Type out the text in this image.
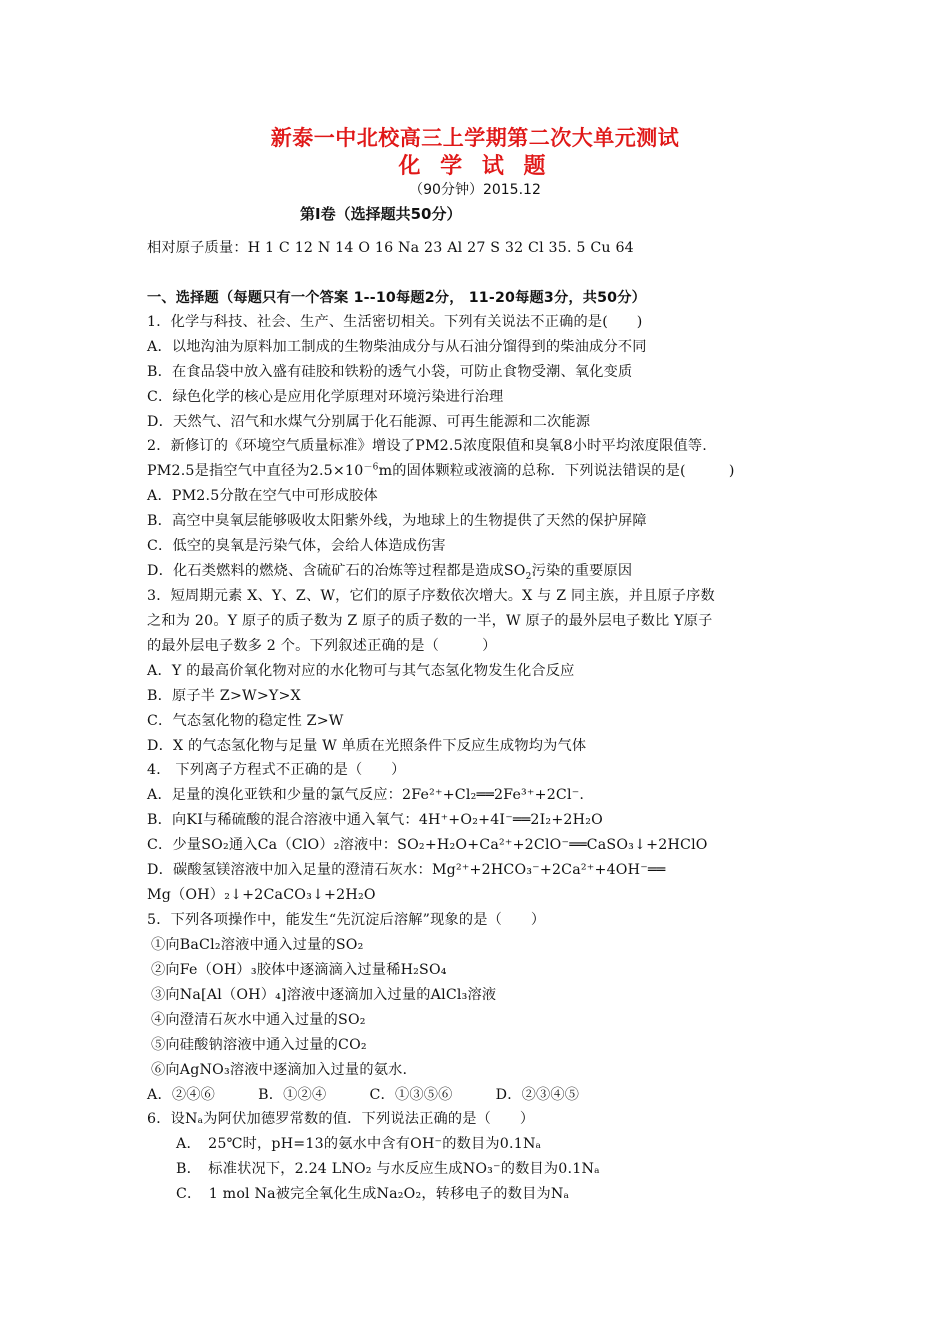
新泰一中北校高三上学期第二次大单元测试
化 学 试 题
（90分钟）2015.12
第Ⅰ卷（选择题共50分）
相对原子质量：H 1 C 12 N 14 O 16 Na 23 Al 27 S 32 Cl 35. 5 Cu 64
一、选择题（每题只有一个答案 1--10每题2分， 11-20每题3分，共50分）
1．化学与科技、社会、生产、生活密切相关。下列有关说法不正确的是(　　)
A．以地沟油为原料加工制成的生物柴油成分与从石油分馏得到的柴油成分不同
B．在食品袋中放入盛有硅胶和铁粉的透气小袋，可防止食物受潮、氧化变质
C．绿色化学的核心是应用化学原理对环境污染进行治理
D．天然气、沼气和水煤气分别属于化石能源、可再生能源和二次能源
2．新修订的《环境空气质量标准》增设了PM2.5浓度限值和臭氧8小时平均浓度限值等.
PM2.5是指空气中直径为$2.5\times 10^{-6}m$的固体颗粒或液滴的总称．下列说法错误的是(　　　)
A．PM2.5分散在空气中可形成胶体
B．高空中臭氧层能够吸收太阳紫外线，为地球上的生物提供了天然的保护屏障
C．低空的臭氧是污染气体，会给人体造成伤害
D．化石类燃料的燃烧、含硫矿石的冶炼等过程都是造成$SO_2$污染的重要原因
3．短周期元素 X、Y、Z、W，它们的原子序数依次增大。X 与 Z 同主族，并且原子序数
之和为 20。Y 原子的质子数为 Z 原子的质子数的一半，W 原子的最外层电子数比 Y原子
的最外层电子数多 2 个。下列叙述正确的是（　　　）
A．Y 的最高价氧化物对应的水化物可与其气态氢化物发生化合反应
B．原子半 Z>W>Y>X
C．气态氢化物的稳定性 Z>W
D．X 的气态氢化物与足量 W 单质在光照条件下反应生成物均为气体
4． 下列离子方程式不正确的是（　　）
A．足量的溴化亚铁和少量的氯气反应：2Fe²⁺+Cl₂══2Fe³⁺+2Cl⁻.
B．向KI与稀硫酸的混合溶液中通入氧气：4H⁺+O₂+4I⁻══2I₂+2H₂O
C．少量SO₂通入Ca（ClO）₂溶液中：SO₂+H₂O+Ca²⁺+2ClO⁻══CaSO₃↓+2HClO
D．碳酸氢镁溶液中加入足量的澄清石灰水：Mg²⁺+2HCO₃⁻+2Ca²⁺+4OH⁻══
Mg（OH）₂↓+2CaCO₃↓+2H₂O
5．下列各项操作中，能发生“先沉淀后溶解”现象的是（　　）
①向BaCl₂溶液中通入过量的SO₂
②向Fe（OH）₃胶体中逐滴滴入过量稀H₂SO₄
③向Na[Al（OH）₄]溶液中逐滴加入过量的AlCl₃溶液
④向澄清石灰水中通入过量的SO₂
⑤向硅酸钠溶液中通入过量的CO₂
⑥向AgNO₃溶液中逐滴加入过量的氨水.
A．②④⑥　　　B．①②④　　　C．①③⑤⑥　　　D．②③④⑤
6．设Nₐ为阿伏加德罗常数的值．下列说法正确的是（　　）
A．　25℃时，pH=13的氨水中含有OH⁻的数目为0.1Nₐ
B．　标准状况下，2.24 LNO₂ 与水反应生成NO₃⁻的数目为0.1Nₐ
C．　1 mol Na被完全氧化生成Na₂O₂，转移电子的数目为Nₐ
